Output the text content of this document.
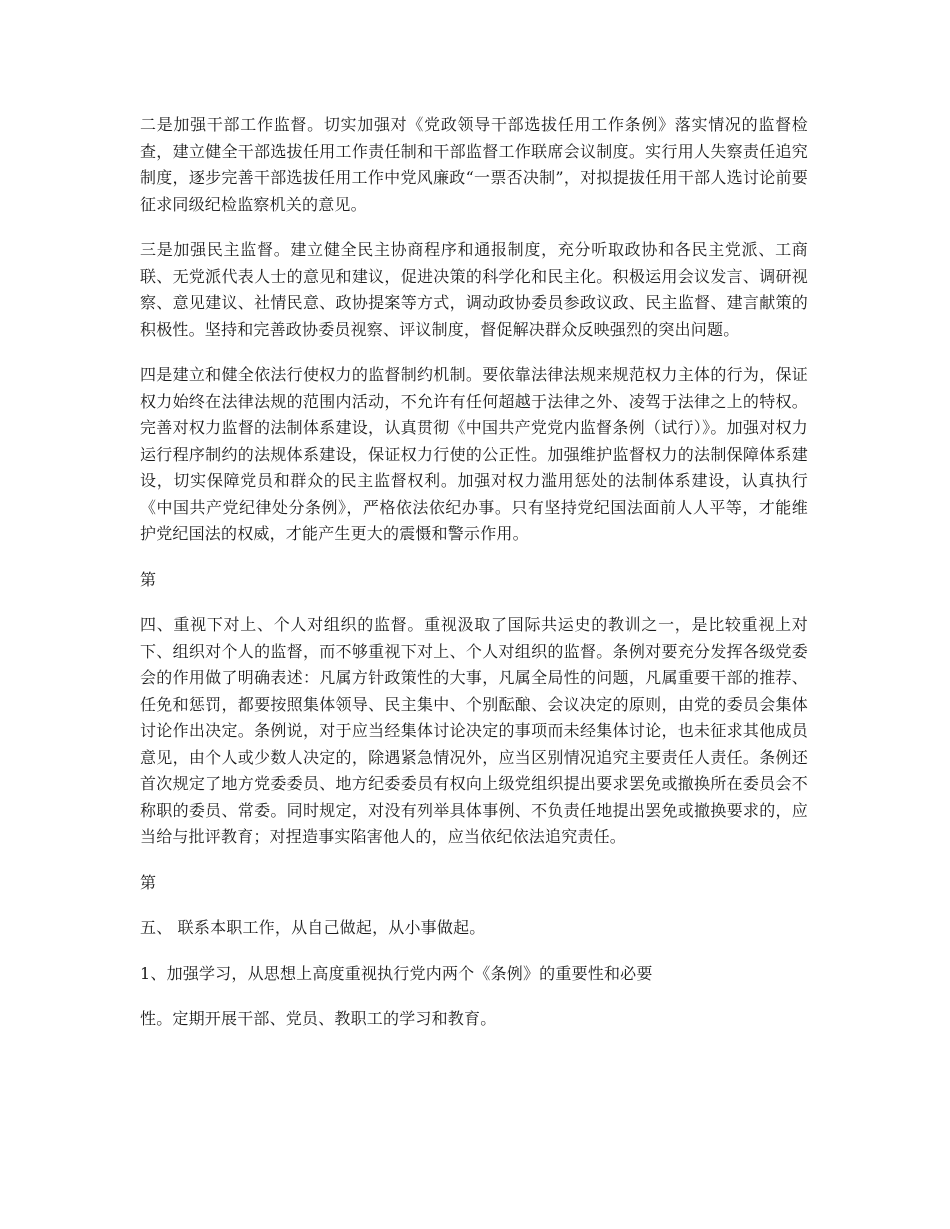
二是加强干部工作监督。切实加强对《党政领导干部选拔任用工作条例》落实情况的监督检查，建立健全干部选拔任用工作责任制和干部监督工作联席会议制度。实行用人失察责任追究制度，逐步完善干部选拔任用工作中党风廉政“一票否决制”，对拟提拔任用干部人选讨论前要征求同级纪检监察机关的意见。

三是加强民主监督。建立健全民主协商程序和通报制度，充分听取政协和各民主党派、工商联、无党派代表人士的意见和建议，促进决策的科学化和民主化。积极运用会议发言、调研视察、意见建议、社情民意、政协提案等方式，调动政协委员参政议政、民主监督、建言献策的积极性。坚持和完善政协委员视察、评议制度，督促解决群众反映强烈的突出问题。

四是建立和健全依法行使权力的监督制约机制。要依靠法律法规来规范权力主体的行为，保证权力始终在法律法规的范围内活动，不允许有任何超越于法律之外、凌驾于法律之上的特权。完善对权力监督的法制体系建设，认真贯彻《中国共产党党内监督条例（试行）》。加强对权力运行程序制约的法规体系建设，保证权力行使的公正性。加强维护监督权力的法制保障体系建设，切实保障党员和群众的民主监督权利。加强对权力滥用惩处的法制体系建设，认真执行《中国共产党纪律处分条例》，严格依法依纪办事。只有坚持党纪国法面前人人平等，才能维护党纪国法的权威，才能产生更大的震慑和警示作用。

第

四、重视下对上、个人对组织的监督。重视汲取了国际共运史的教训之一，是比较重视上对下、组织对个人的监督，而不够重视下对上、个人对组织的监督。条例对要充分发挥各级党委会的作用做了明确表述：凡属方针政策性的大事，凡属全局性的问题，凡属重要干部的推荐、任免和惩罚，都要按照集体领导、民主集中、个别酝酿、会议决定的原则，由党的委员会集体讨论作出决定。条例说，对于应当经集体讨论决定的事项而未经集体讨论，也未征求其他成员意见，由个人或少数人决定的，除遇紧急情况外，应当区别情况追究主要责任人责任。条例还首次规定了地方党委委员、地方纪委委员有权向上级党组织提出要求罢免或撤换所在委员会不称职的委员、常委。同时规定，对没有列举具体事例、不负责任地提出罢免或撤换要求的，应当给与批评教育；对捏造事实陷害他人的，应当依纪依法追究责任。

第

五、 联系本职工作，从自己做起，从小事做起。

1、加强学习，从思想上高度重视执行党内两个《条例》的重要性和必要

性。定期开展干部、党员、教职工的学习和教育。
